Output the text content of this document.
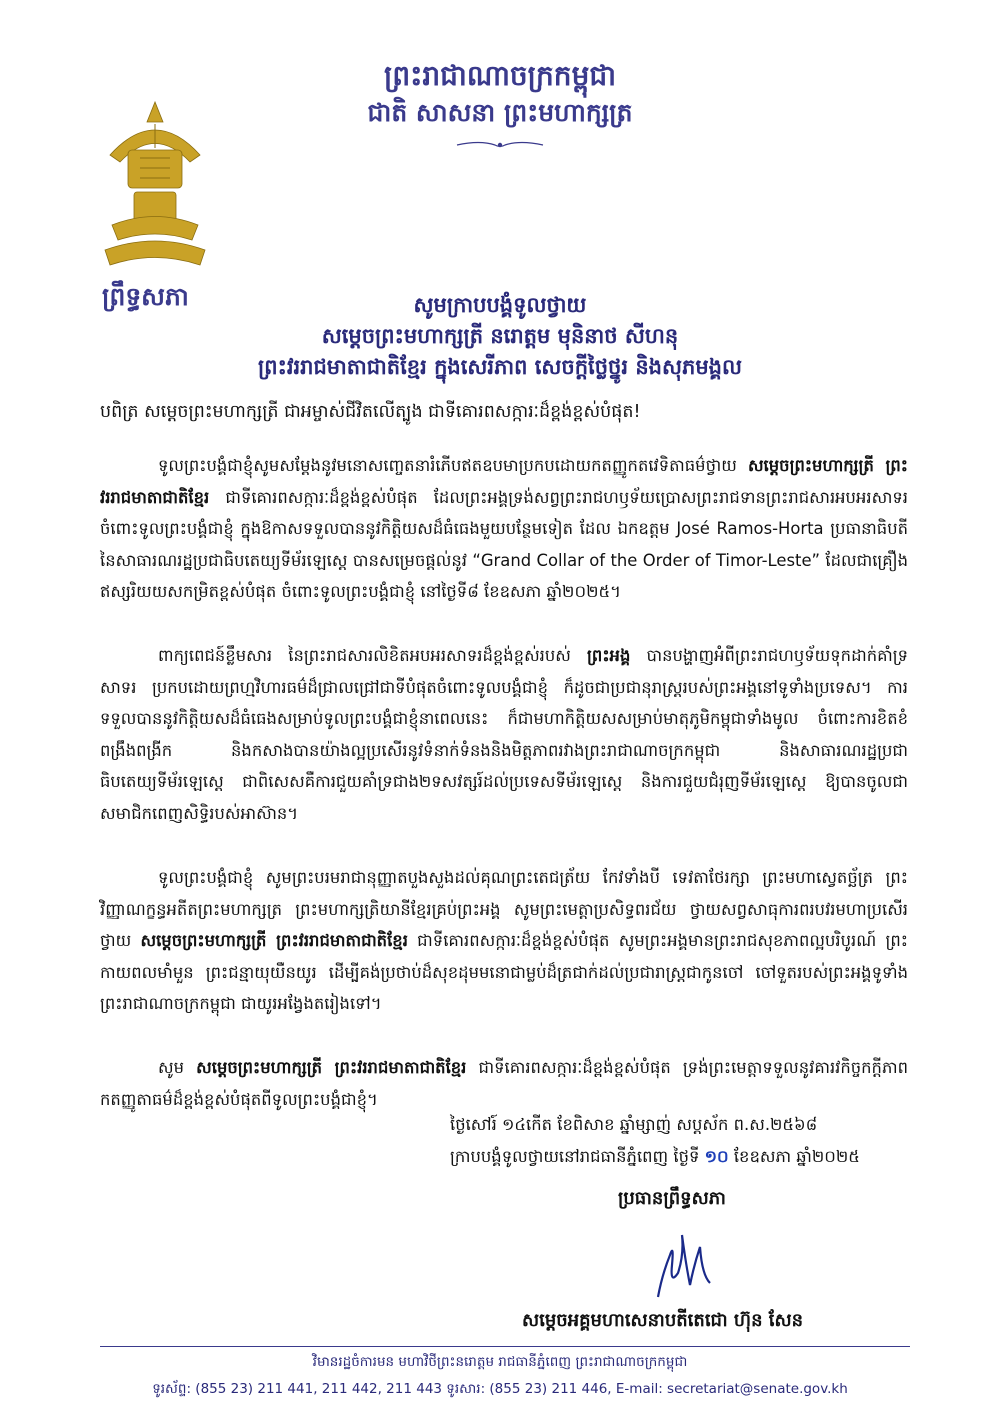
ព្រះរាជាណាចក្រកម្ពុជា
ជាតិ សាសនា ព្រះមហាក្សត្រ
ព្រឹទ្ធសភា	សូមក្រាបបង្គំទូលថ្វាយ
សម្តេចព្រះមហាក្សត្រី នរោត្តម មុនិនាថ សីហនុ
ព្រះវររាជមាតាជាតិខ្មែរ ក្នុងសេរីភាព សេចក្តីថ្លៃថ្នូរ និងសុភមង្គល
បពិត្រ សម្តេចព្រះមហាក្សត្រី ជាអម្ចាស់ជីវិតលើត្បូង ជាទីគោរពសក្ការៈដ៏ខ្ពង់ខ្ពស់បំផុត!
ទូលព្រះបង្គំជាខ្ញុំសូមសម្តែងនូវមនោសញ្ចេតនារំភើបឥតឧបមាប្រកបដោយកតញ្ញូកតវេទិតាធម៌ថ្វាយ សម្តេចព្រះមហាក្សត្រី ព្រះវររាជមាតាជាតិខ្មែរ ជាទីគោរពសក្ការៈដ៏ខ្ពង់ខ្ពស់បំផុត ដែលព្រះអង្គទ្រង់សព្វព្រះរាជហឫទ័យប្រោសព្រះរាជទានព្រះរាជសារអបអរសាទរចំពោះទូលព្រះបង្គំជាខ្ញុំ ក្នុងឱកាសទទួលបាននូវកិត្តិយសដ៏ធំធេងមួយបន្ថែមទៀត ដែល ឯកឧត្តម José Ramos-Horta ប្រធានាធិបតី នៃសាធារណរដ្ឋប្រជាធិបតេយ្យទីម័រឡេស្តេ បានសម្រេចផ្តល់នូវ “Grand Collar of the Order of Timor-Leste” ដែលជាគ្រឿងឥស្សរិយយសកម្រិតខ្ពស់បំផុត ចំពោះទូលព្រះបង្គំជាខ្ញុំ នៅថ្ងៃទី៨ ខែឧសភា ឆ្នាំ២០២៥។
ពាក្យពេជន៍ខ្លឹមសារ នៃព្រះរាជសារលិខិតអបអរសាទរដ៏ខ្ពង់ខ្ពស់របស់ ព្រះអង្គ បានបង្ហាញអំពីព្រះរាជហឫទ័យទុកដាក់គាំទ្រ សាទរ ប្រកបដោយព្រហ្មវិហារធម៌ដ៏ជ្រាលជ្រៅជាទីបំផុតចំពោះទូលបង្គំជាខ្ញុំ ក៏ដូចជាប្រជានុរាស្ត្ររបស់ព្រះអង្គនៅទូទាំងប្រទេស។ ការទទួលបាននូវកិត្តិយសដ៏ធំធេងសម្រាប់ទូលព្រះបង្គំជាខ្ញុំនាពេលនេះ ក៏ជាមហាកិត្តិយសសម្រាប់មាតុភូមិកម្ពុជាទាំងមូល ចំពោះការខិតខំពង្រឹងពង្រីក និងកសាងបានយ៉ាងល្អប្រសើរនូវទំនាក់ទំនងនិងមិត្តភាពរវាងព្រះរាជាណាចក្រកម្ពុជា និងសាធារណរដ្ឋប្រជាធិបតេយ្យទីម័រឡេស្តេ ជាពិសេសគឺការជួយគាំទ្រជាង២ទសវត្សរ៍ដល់ប្រទេសទីម័រឡេស្តេ និងការជួយជំរុញទីម័រឡេស្តេ ឱ្យបានចូលជាសមាជិកពេញសិទ្ធិរបស់អាស៊ាន។
ទូលព្រះបង្គំជាខ្ញុំ សូមព្រះបរមរាជានុញ្ញាតបួងសួងដល់គុណព្រះតេជត្រ័យ កែវទាំងបី ទេវតាថែរក្សា ព្រះមហាស្វេតច្ឆ័ត្រ ព្រះវិញ្ញាណក្ខន្ធអតីតព្រះមហាក្សត្រ ព្រះមហាក្សត្រិយានីខ្មែរគ្រប់ព្រះអង្គ សូមព្រះមេត្តាប្រសិទ្ធពរជ័យ ថ្វាយសព្វសាធុការពរបវរមហាប្រសើរ ថ្វាយ សម្តេចព្រះមហាក្សត្រី ព្រះវររាជមាតាជាតិខ្មែរ ជាទីគោរពសក្ការៈដ៏ខ្ពង់ខ្ពស់បំផុត សូមព្រះអង្គមានព្រះរាជសុខភាពល្អបរិបូរណ៍ ព្រះកាយពលមាំមួន ព្រះជន្មាយុយឺនយូរ ដើម្បីគង់ប្រថាប់ដ៏សុខដុមមនោជាម្លប់ដ៏ត្រជាក់ដល់ប្រជារាស្ត្រជាកូនចៅ ចៅទួតរបស់ព្រះអង្គទូទាំងព្រះរាជាណាចក្រកម្ពុជា ជាយូរអង្វែងតរៀងទៅ។
សូម សម្តេចព្រះមហាក្សត្រី ព្រះវររាជមាតាជាតិខ្មែរ ជាទីគោរពសក្ការៈដ៏ខ្ពង់ខ្ពស់បំផុត ទ្រង់ព្រះមេត្តាទទួលនូវគារវកិច្ចកក្តីភាព កតញ្ញូតាធម៌ដ៏ខ្ពង់ខ្ពស់បំផុតពីទូលព្រះបង្គំជាខ្ញុំ។
ថ្ងៃសៅរ៍ ១៤កើត ខែពិសាខ ឆ្នាំម្សាញ់ សប្តស័ក ព.ស.២៥៦៨
ក្រាបបង្គំទូលថ្វាយនៅរាជធានីភ្នំពេញ ថ្ងៃទី ១០ ខែឧសភា ឆ្នាំ២០២៥
ប្រធានព្រឹទ្ធសភា
សម្តេចអគ្គមហាសេនាបតីតេជោ ហ៊ុន សែន
វិមានរដ្ឋចំការមន មហាវិថីព្រះនរោត្តម រាជធានីភ្នំពេញ ព្រះរាជាណាចក្រកម្ពុជា
ទូរស័ព្ទ: (855 23) 211 441, 211 442, 211 443 ទូរសារ: (855 23) 211 446, E-mail: secretariat@senate.gov.kh
